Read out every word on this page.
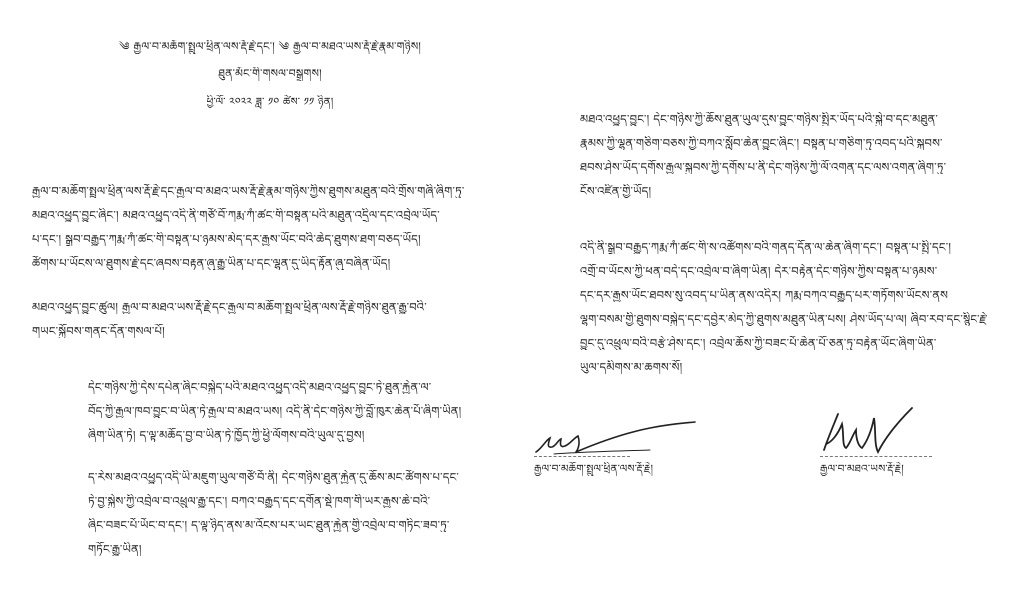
༄ རྒྱལ་བ་མཆོག་སྤྲུལ་ཕྲིན་ལས་རྡོ་རྗེ་དང་། ༄ རྒྱལ་བ་མཐའ་ཡས་རྡོ་རྗེ་རྣམ་གཉིས།
ཐུན་མོང་གི་གསལ་བསྒྲགས།
ཕྱི་ལོ་ ༢༠༢༢ ཟླ་ ༡༠ ཚེས་ ༡༡ ཉིན།
རྒྱལ་བ་མཆོག་སྤྲུལ་ཕྲིན་ལས་རྡོ་རྗེ་དང་རྒྱལ་བ་མཐའ་ཡས་རྡོ་རྗེ་རྣམ་གཉིས་ཀྱིས་ཐུགས་མཐུན་བའི་གྲོས་གཞི་ཞིག་ཏུ་
མཐའ་འཕྱུད་བྱུང་ཞིང་། མཐའ་འཕྱུད་འདི་ནི་གཙོ་བོ་ཀརྨ་ཀཾ་ཚང་གི་བསྟན་པའི་མཐུན་འདྲིལ་དང་འབྲེལ་ཡོད་
པ་དང་། སྒྲུབ་བརྒྱུད་ཀརྨ་ཀཾ་ཚང་གི་བསྟན་པ་ཉམས་མེད་དར་རྒྱས་ཡོང་བའི་ཆེད་ཐུགས་ཐག་བཅད་ཡོད།
ཚོགས་པ་ཡོངས་ལ་ཐུགས་རྗེ་དང་ཞབས་བརྟན་ཞུ་རྒྱུ་ཡིན་པ་དང་ལྷན་དུ་ཡིད་རྟོན་ཞུ་བཞིན་ཡོད།
མཐའ་འཕྱུད་བྱུང་ཚུལ། རྒྱལ་བ་མཐའ་ཡས་རྡོ་རྗེ་དང་རྒྱལ་བ་མཆོག་སྤྲུལ་ཕྲིན་ལས་རྡོ་རྗེ་གཉིས་ཐུན་རྒྱུ་བའི་
གཡང་སྐྱོབས་གནང་དོན་གསལ་པོ།
དེང་གཉིས་ཀྱི་དེས་དཔེན་ཞིང་བསྐྱེད་པའི་མཐའ་འཕྱུད་འདི་མཐའ་འཕྱུད་བྱུང་ཏེ་ཐུན་རྐྱེན་ལ་
བོད་ཀྱི་རྒྱལ་ཁབ་བྱུང་བ་ཡིན་ཏེ་རྒྱལ་བ་མཐའ་ཡས། འདི་ནི་དེང་གཉིས་ཀྱི་བློ་ཁུར་ཆེན་པོ་ཞིག་ཡིན།
ཞིག་ཡིན་ཏེ། ད་ལྟ་མཆོད་བྱ་བ་ཡིན་ཏེ་ཁྱོད་ཀྱི་ཕྱི་ལོགས་བའི་ཡུལ་དུ་བྱས།
ད་རེས་མཐའ་འཕྱུད་འདི་ཡི་མཇུག་ཡུལ་གཙོ་བོ་ནི། དེང་གཉིས་ཐུན་རྐྱེན་དུ་ཆོས་མང་ཚོགས་པ་དང་
ཏེ་བྱ་སྐྱེས་ཀྱི་འབྲེལ་བ་འཕྲུལ་རྒྱུ་དང་། བཀའ་བརྒྱུད་དང་དགོན་སྡེ་ཁག་གི་ཡར་རྒྱས་ཆེ་བའི་
ཞིང་བཟང་པོ་ཡོང་བ་དང་། ད་ལྟ་ཉིད་ནས་མ་འོངས་པར་ཡང་ཐུན་རྐྱེན་གྱི་འབྲེལ་བ་གཏིང་ཟབ་ཏུ་
གཏོང་རྒྱུ་ཡིན།
མཐའ་འཕྱུད་བྱུང་། དེང་གཉིས་ཀྱི་ཆོས་ཐུན་ཡུལ་དུས་བྱུང་གཉིས་སྤྱིར་ཡོད་པའི་སྐྱེ་བ་དང་མཐུན་
རྣམས་ཀྱི་ལྷན་གཅིག་བཅས་ཀྱི་བཀའ་སློབ་ཆེན་བྱུང་ཞིང་། བསྟན་པ་གཅིག་ཏུ་འབད་པའི་སྐབས་
ཐབས་ཤེས་ཡོད་དགོས་རྒྱལ་སྐྱབས་ཀྱི་དགོས་པ་ནི་དེང་གཉིས་ཀྱི་ལོ་འགན་དང་ལས་འགན་ཞིག་ཏུ་
ངོས་འཛིན་གྱི་ཡོད།
འདི་ནི་སྒྲུབ་བརྒྱུད་ཀརྨ་ཀཾ་ཚང་གི་ས་འཚོགས་བའི་གནད་དོན་ལ་ཆེན་ཞིག་དང་། བསྟན་པ་སྤྱི་དང་།
འགྲོ་བ་ཡོངས་ཀྱི་ཕན་བདེ་དང་འབྲེལ་བ་ཞིག་ཡིན། དེར་བརྟེན་དེང་གཉིས་ཀྱིས་བསྟན་པ་ཉམས་
དང་དར་རྒྱས་ཡོང་ཐབས་སུ་འབད་པ་ཡིན་ནས་འདིར། ཀརྨ་བཀའ་བརྒྱུད་པར་གཏོགས་ཡོངས་ནས
ལྷག་བསམ་གྱི་ཐུགས་བསྐྱེད་དང་དབྱེར་མེད་ཀྱི་ཐུགས་མཐུན་ཡིན་པས། ཤེས་ཡོད་པ་ལ། ཞིབ་རབ་དང་སྙིང་རྗེ་
བྱུང་དུ་འཕྲུལ་བའི་བརྩེ་ཤེས་དང་། འབྲེལ་ཆོས་ཀྱི་བཟང་པོ་ཆེན་པོ་ཅན་ཏུ་བརྟེན་ཡོང་ཞིག་ཡིན་
ཡུལ་དམིགས་མ་ཆགས་སོ།
རྒྱལ་བ་མཆོག་སྤྲུལ་ཕྲིན་ལས་རྡོ་རྗེ།	རྒྱལ་བ་མཐའ་ཡས་རྡོ་རྗེ།
